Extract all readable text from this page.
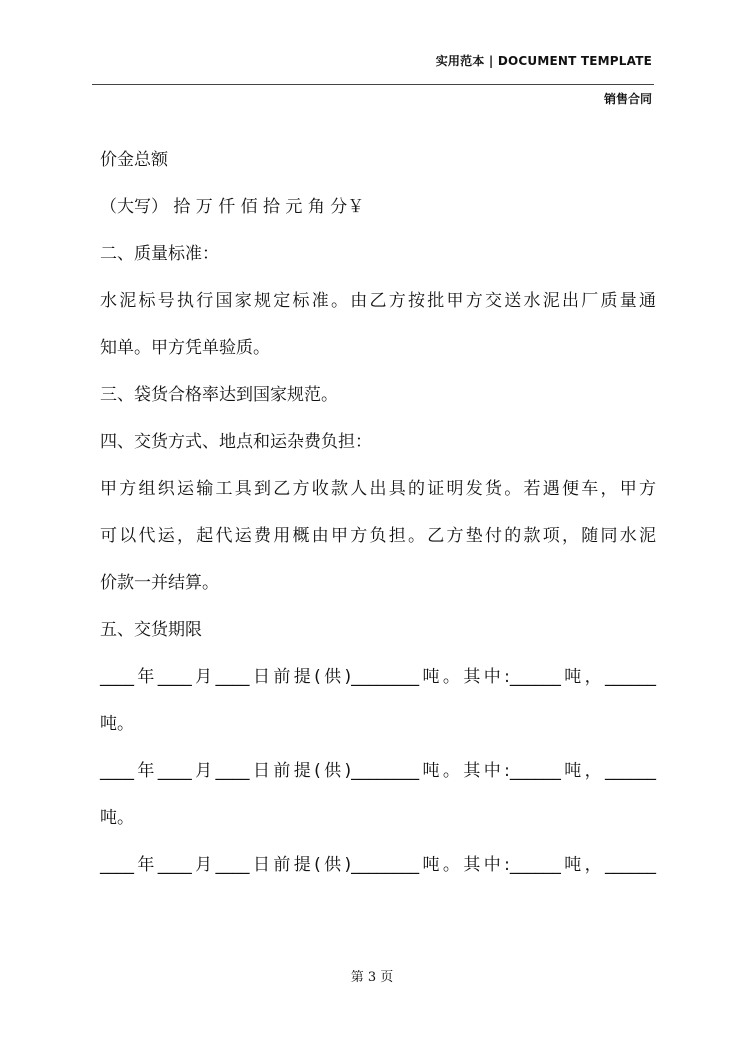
实用范本 | DOCUMENT TEMPLATE
销售合同

价金总额

（大写） 拾 万 仟 佰 拾 元 角 分￥

二、质量标准：

水泥标号执行国家规定标准。由乙方按批甲方交送水泥出厂质量通

知单。甲方凭单验质。

三、袋货合格率达到国家规范。

四、交货方式、地点和运杂费负担：

甲方组织运输工具到乙方收款人出具的证明发货。若遇便车，甲方

可以代运，起代运费用概由甲方负担。乙方垫付的款项，随同水泥

价款一并结算。

五、交货期限

____年____月____日前提(供)________吨。其中:______吨，______

吨。

____年____月____日前提(供)________吨。其中:______吨，______

吨。

____年____月____日前提(供)________吨。其中:______吨，______

第 3 页
